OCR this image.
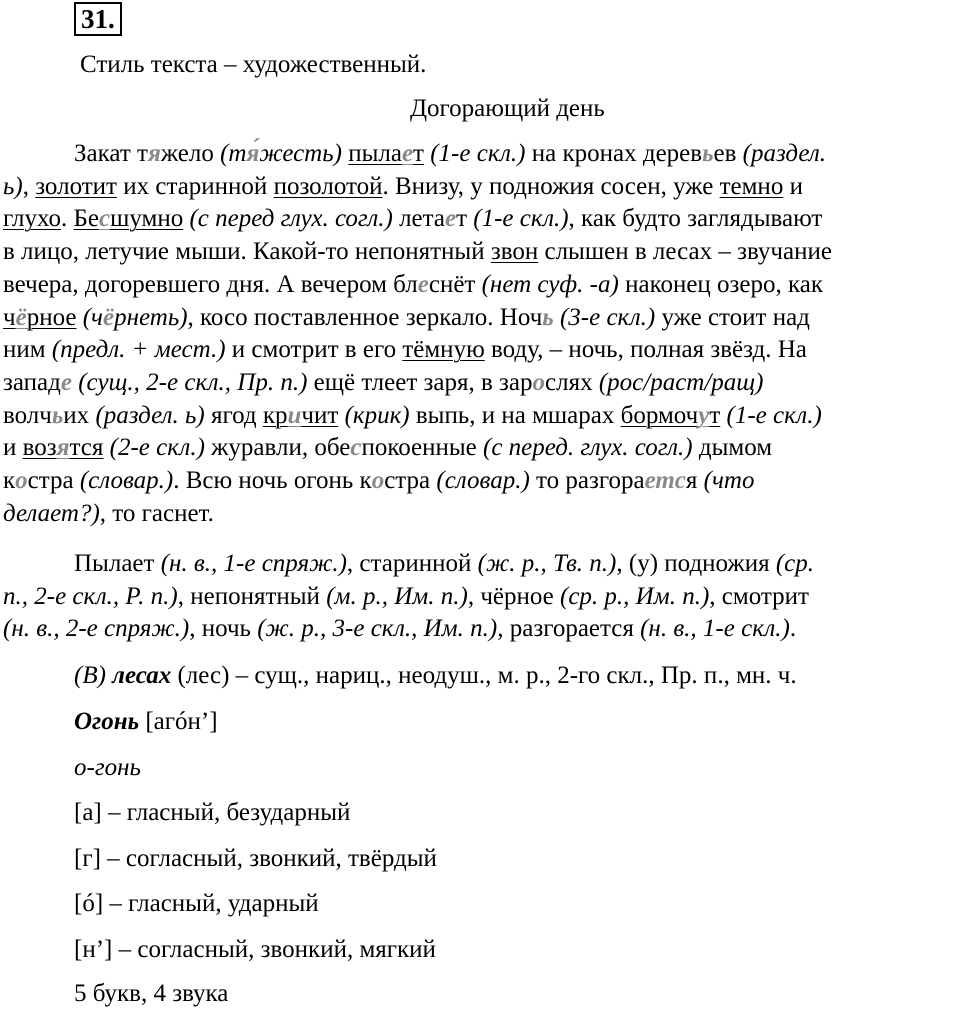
31.
Стиль текста – художественный.
Догорающий день
Закат тяжело (тя́жесть) пылает (1-е скл.) на кронах деревьев (раздел.
ь), золотит их старинной позолотой. Внизу, у подножия сосен, уже темно и
глухо. Бесшумно (с перед глух. согл.) летает (1-е скл.), как будто заглядывают
в лицо, летучие мыши. Какой-то непонятный звон слышен в лесах – звучание
вечера, догоревшего дня. А вечером блеснёт (нет суф. -а) наконец озеро, как
чёрное (чёрнеть), косо поставленное зеркало. Ночь (3-е скл.) уже стоит над
ним (предл. + мест.) и смотрит в его тёмную воду, – ночь, полная звёзд. На
западе (сущ., 2-е скл., Пр. п.) ещё тлеет заря, в зарослях (рос/раст/ращ)
волчьих (раздел. ь) ягод кричит (крик) выпь, и на мшарах бормочут (1-е скл.)
и возятся (2-е скл.) журавли, обеспокоенные (с перед. глух. согл.) дымом
костра (словар.). Всю ночь огонь костра (словар.) то разгорается (что
делает?), то гаснет.
Пылает (н. в., 1-е спряж.), старинной (ж. р., Тв. п.), (у) подножия (ср.
п., 2-е скл., Р. п.), непонятный (м. р., Им. п.), чёрное (ср. р., Им. п.), смотрит
(н. в., 2-е спряж.), ночь (ж. р., 3-е скл., Им. п.), разгорается (н. в., 1-е скл.).
(В) лесах (лес) – сущ., нариц., неодуш., м. р., 2-го скл., Пр. п., мн. ч.
Огонь [агóн’]
о-гонь
[а] – гласный, безударный
[г] – согласный, звонкий, твёрдый
[ó] – гласный, ударный
[н’] – согласный, звонкий, мягкий
5 букв, 4 звука
